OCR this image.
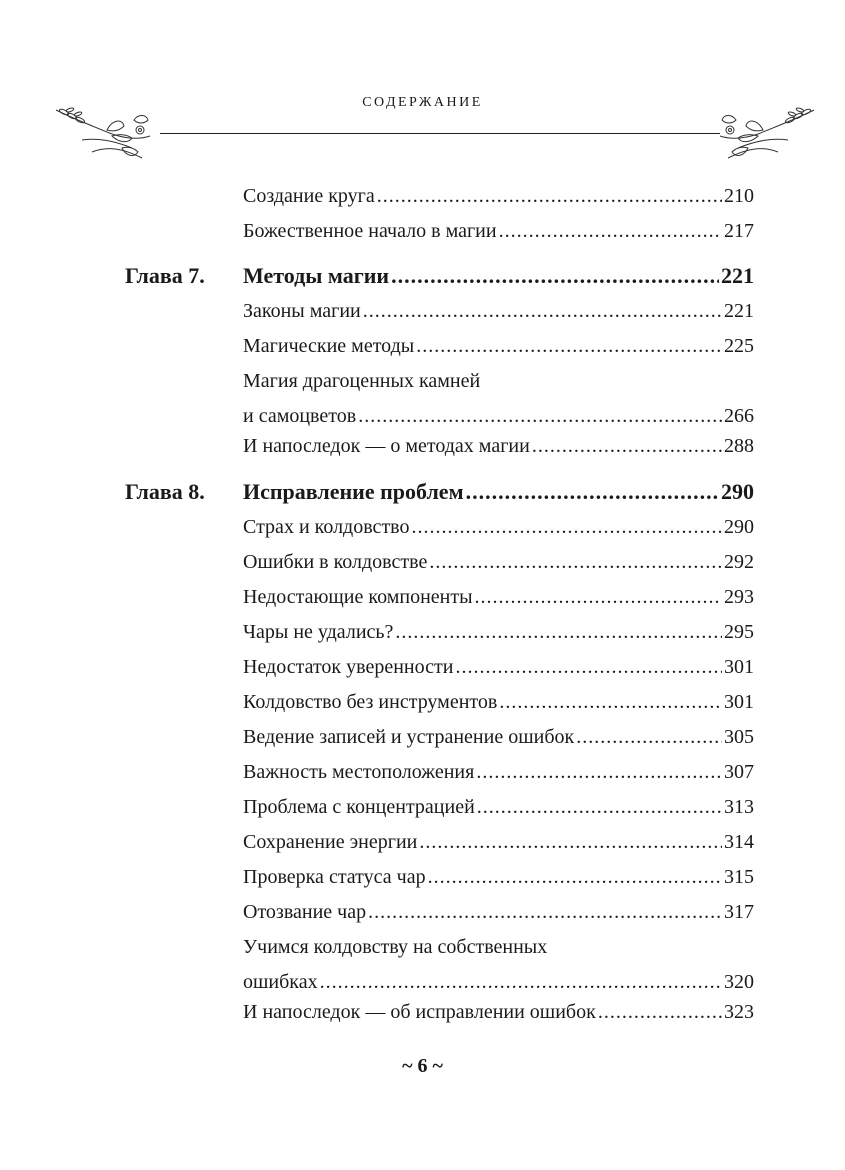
СОДЕРЖАНИЕ
Создание круга .....	210
Божественное начало в магии .....	217
Глава 7. Методы магии .....	221
Законы магии .....	221
Магические методы .....	225
Магия драгоценных камней
и самоцветов .....	266
И напоследок — о методах магии .....	288
Глава 8. Исправление проблем .....	290
Страх и колдовство .....	290
Ошибки в колдовстве .....	292
Недостающие компоненты .....	293
Чары не удались? .....	295
Недостаток уверенности .....	301
Колдовство без инструментов .....	301
Ведение записей и устранение ошибок .....	305
Важность местоположения .....	307
Проблема с концентрацией .....	313
Сохранение энергии .....	314
Проверка статуса чар .....	315
Отозвание чар .....	317
Учимся колдовству на собственных
ошибках .....	320
И напоследок — об исправлении ошибок .....	323
~ 6 ~
